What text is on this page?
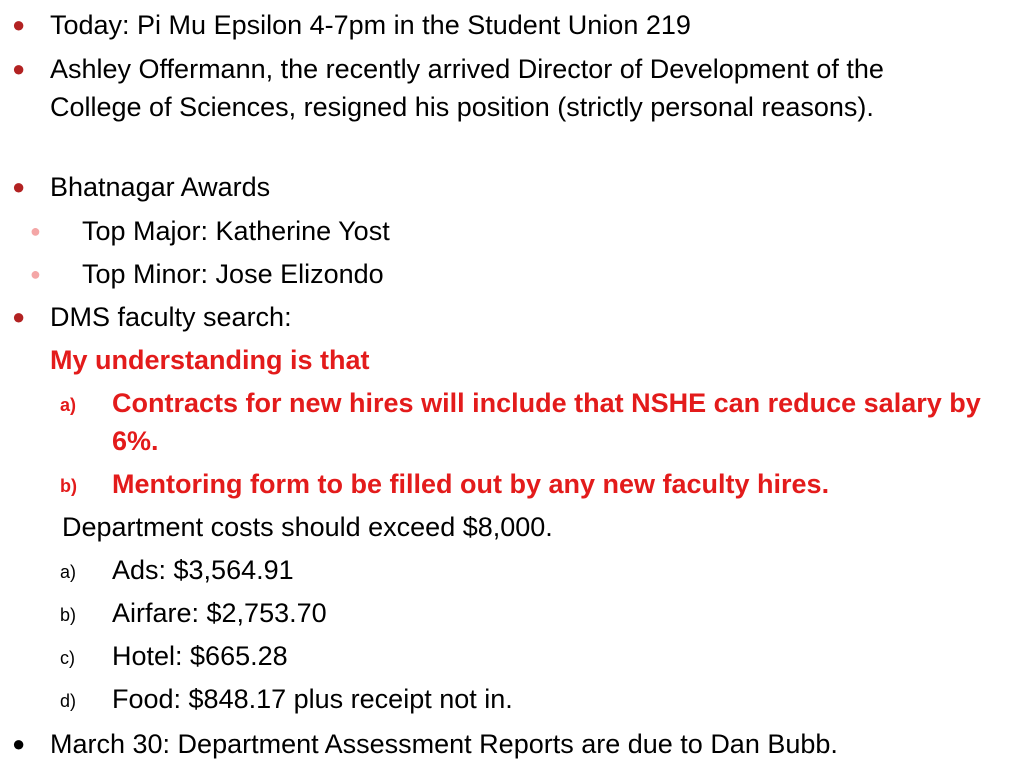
● Today: Pi Mu Epsilon 4-7pm in the Student Union 219

● Ashley Offermann, the recently arrived Director of Development of the College of Sciences, resigned his position (strictly personal reasons).

● Bhatnagar Awards

● Top Major: Katherine Yost

● Top Minor: Jose Elizondo

● DMS faculty search:

My understanding is that

a) Contracts for new hires will include that NSHE can reduce salary by 6%.

b) Mentoring form to be filled out by any new faculty hires.

Department costs should exceed $8,000.

a) Ads: $3,564.91

b) Airfare: $2,753.70

c) Hotel: $665.28

d) Food: $848.17 plus receipt not in.

● March 30: Department Assessment Reports are due to Dan Bubb.
